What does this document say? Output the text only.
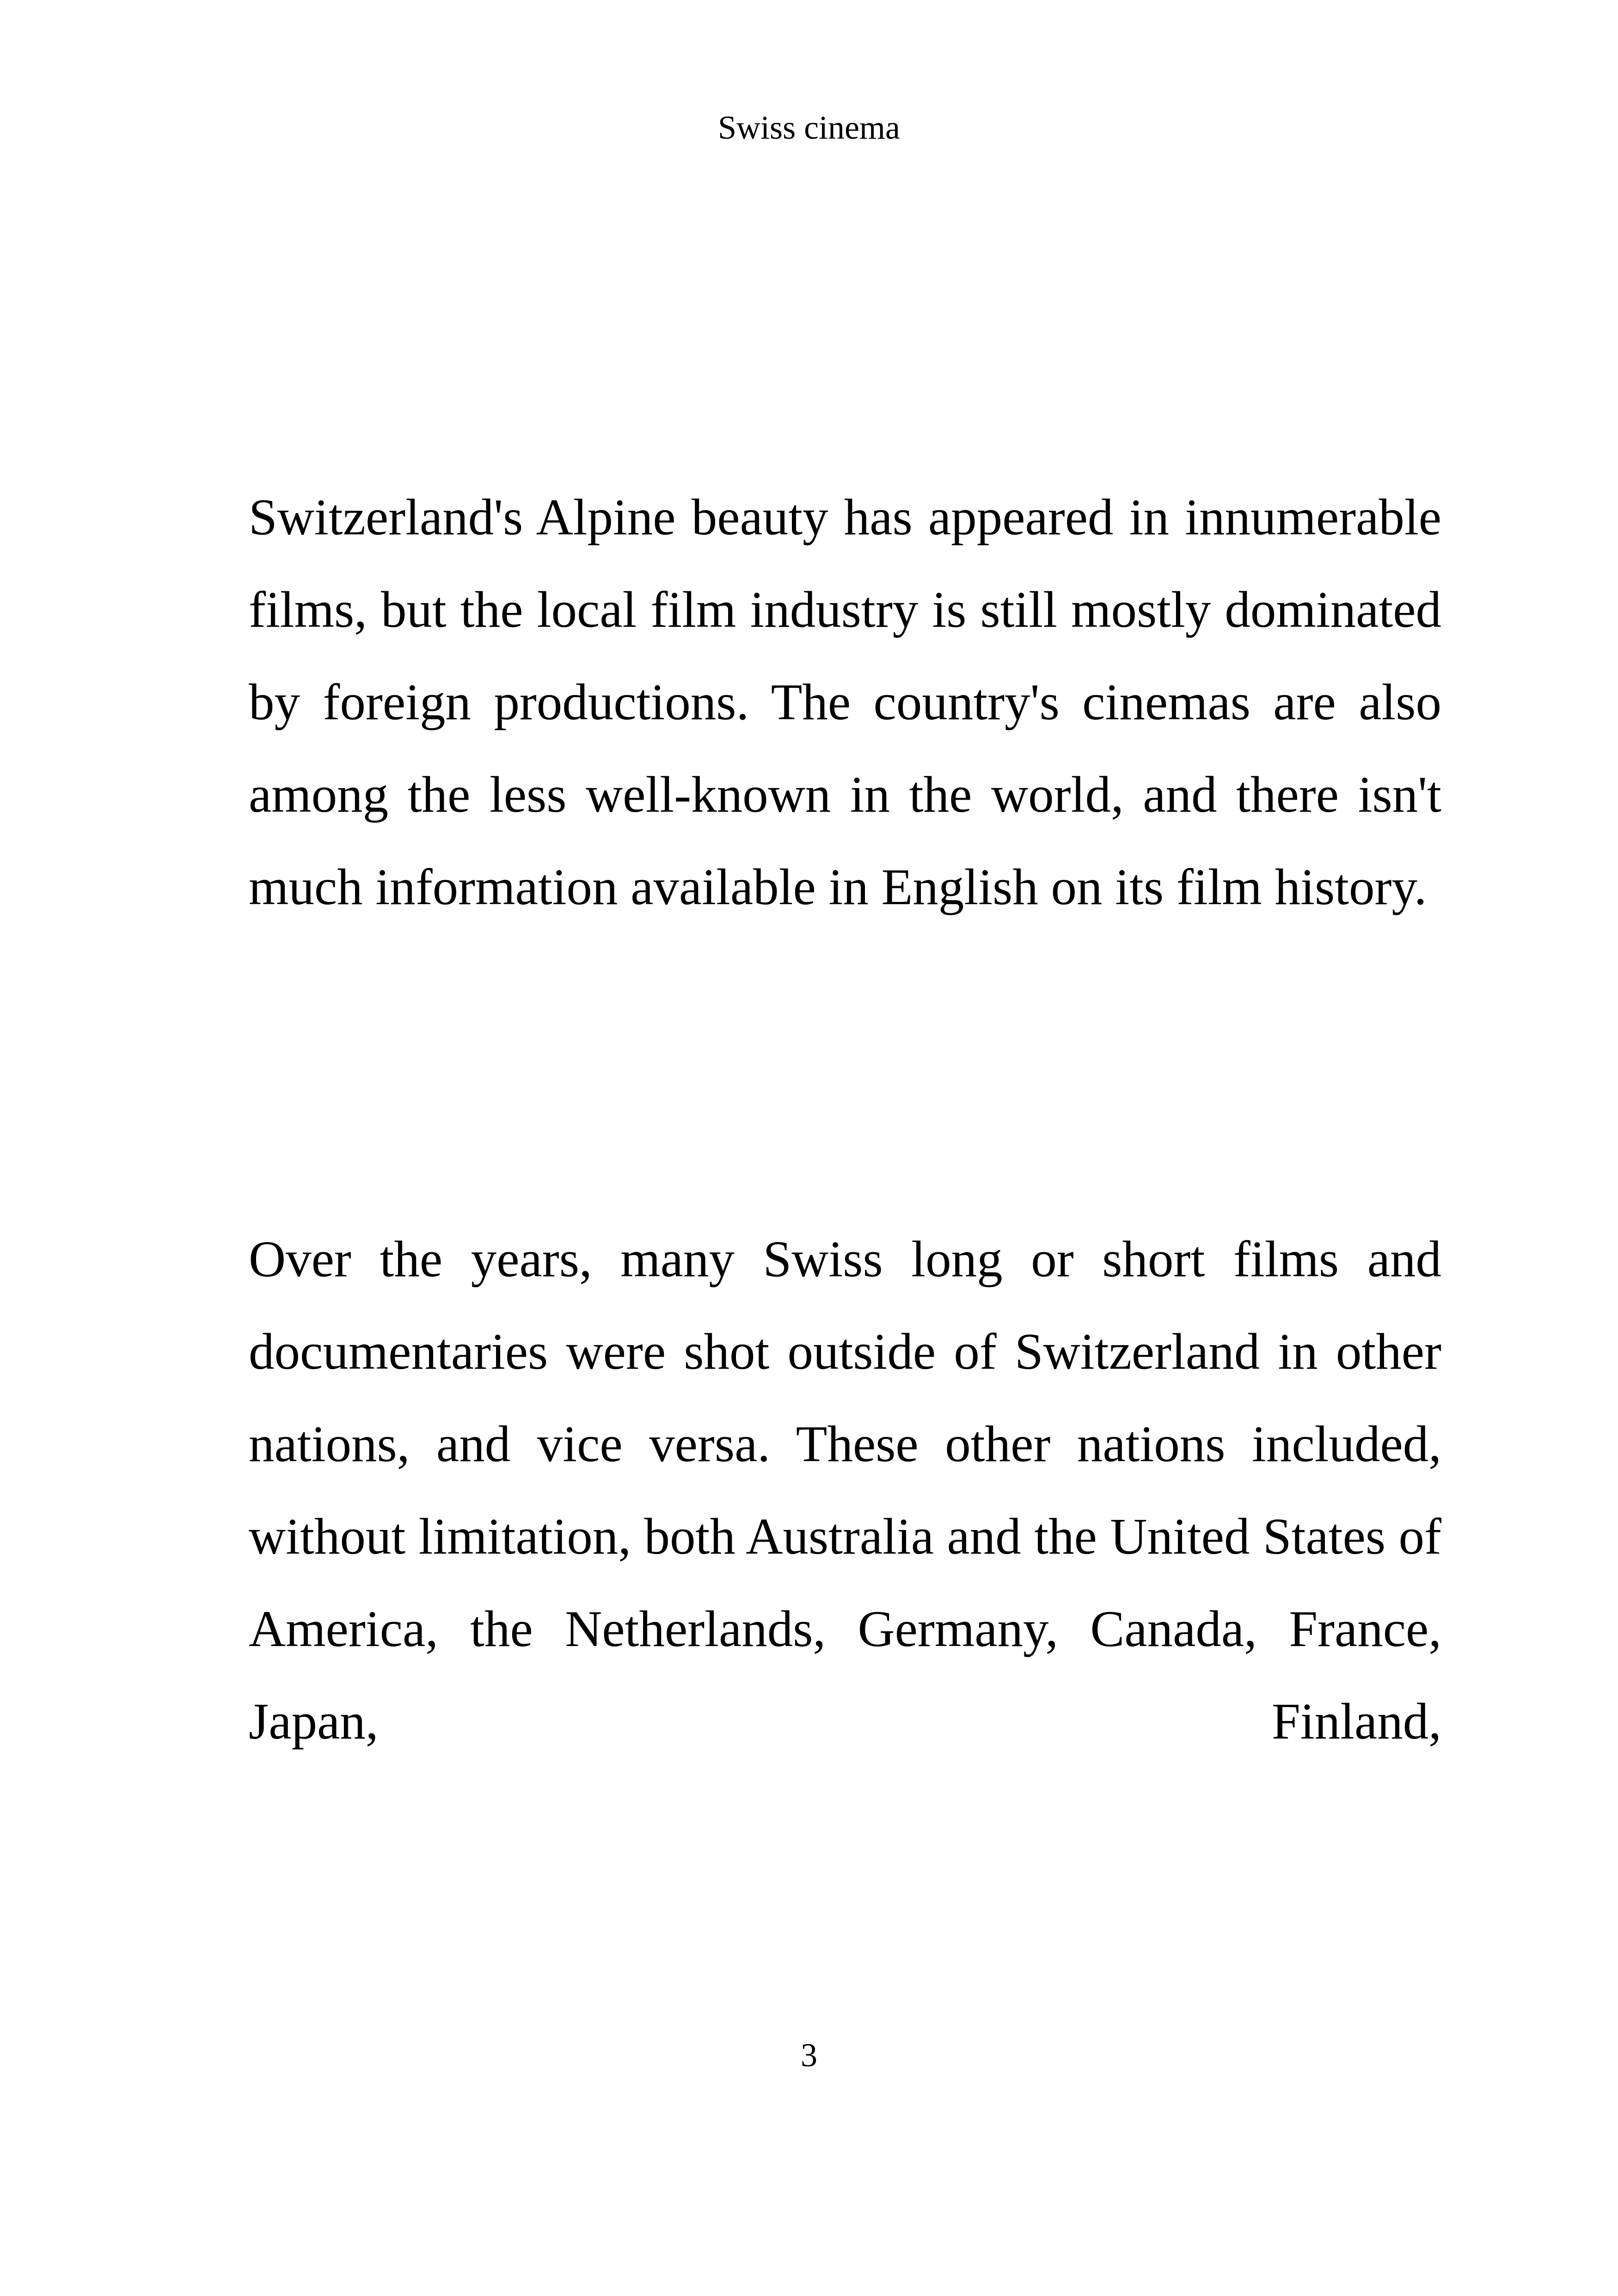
Swiss cinema

Switzerland's Alpine beauty has appeared in innumerable films, but the local film industry is still mostly dominated by foreign productions. The country's cinemas are also among the less well-known in the world, and there isn't much information available in English on its film history.

Over the years, many Swiss long or short films and documentaries were shot outside of Switzerland in other nations, and vice versa. These other nations included, without limitation, both Australia and the United States of America, the Netherlands, Germany, Canada, France, Japan, Finland,

3
